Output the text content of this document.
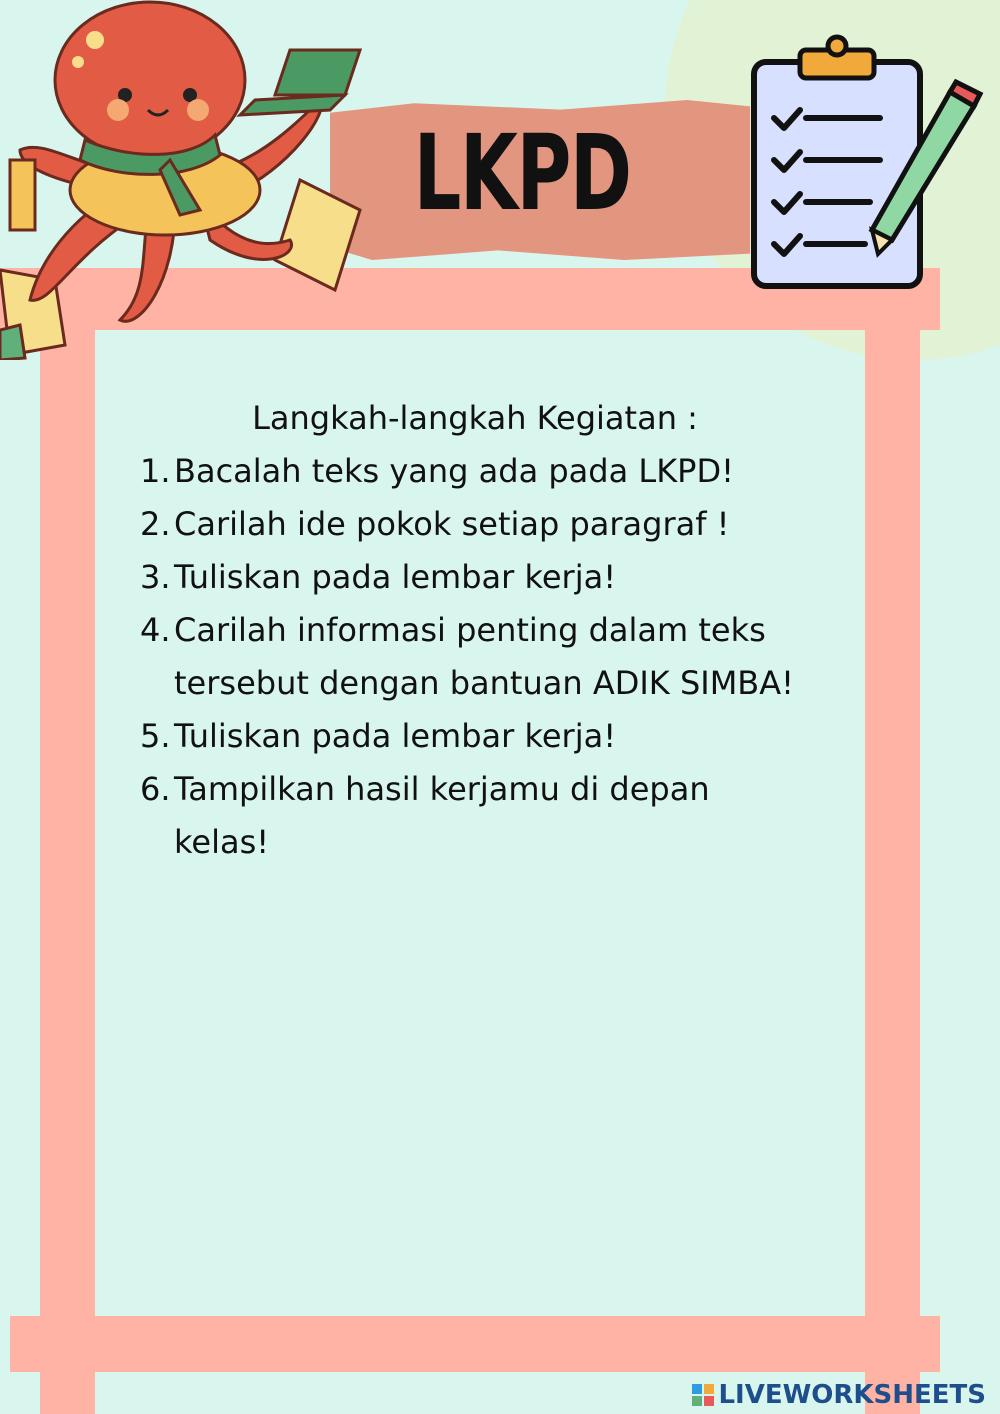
LKPD
Langkah-langkah Kegiatan :
1. Bacalah teks yang ada pada LKPD!
2. Carilah ide pokok setiap paragraf !
3. Tuliskan pada lembar kerja!
4. Carilah informasi penting dalam teks tersebut dengan bantuan ADIK SIMBA!
5. Tuliskan pada lembar kerja!
6. Tampilkan hasil kerjamu di depan kelas!
LIVEWORKSHEETS
